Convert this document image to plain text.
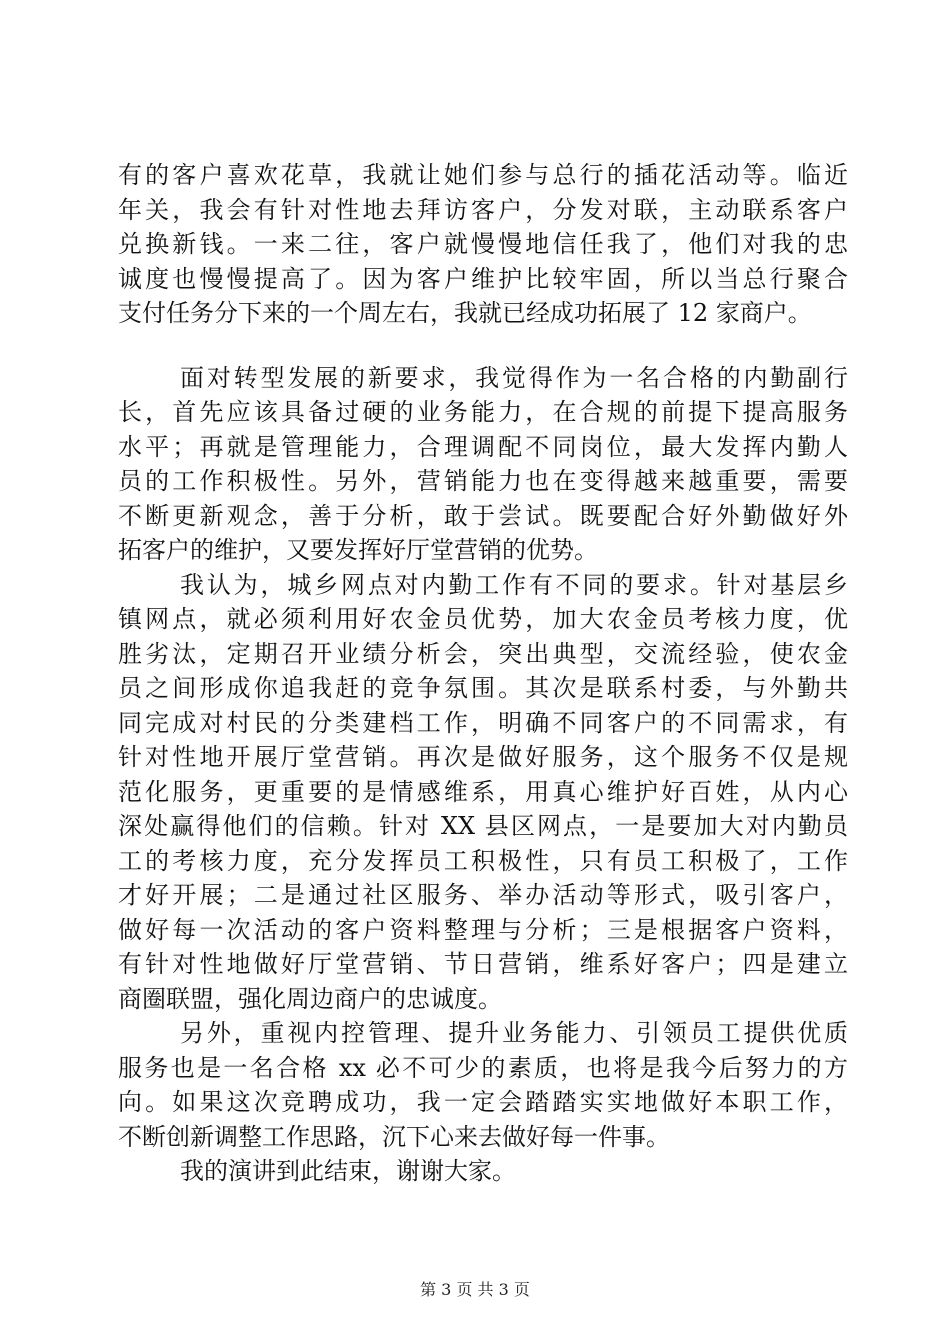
有的客户喜欢花草，我就让她们参与总行的插花活动等。临近
年关，我会有针对性地去拜访客户，分发对联，主动联系客户
兑换新钱。一来二往，客户就慢慢地信任我了，他们对我的忠
诚度也慢慢提高了。因为客户维护比较牢固，所以当总行聚合
支付任务分下来的一个周左右，我就已经成功拓展了 12 家商户。
面对转型发展的新要求，我觉得作为一名合格的内勤副行
长，首先应该具备过硬的业务能力，在合规的前提下提高服务
水平；再就是管理能力，合理调配不同岗位，最大发挥内勤人
员的工作积极性。另外，营销能力也在变得越来越重要，需要
不断更新观念，善于分析，敢于尝试。既要配合好外勤做好外
拓客户的维护，又要发挥好厅堂营销的优势。
我认为，城乡网点对内勤工作有不同的要求。针对基层乡
镇网点，就必须利用好农金员优势，加大农金员考核力度，优
胜劣汰，定期召开业绩分析会，突出典型，交流经验，使农金
员之间形成你追我赶的竞争氛围。其次是联系村委，与外勤共
同完成对村民的分类建档工作，明确不同客户的不同需求，有
针对性地开展厅堂营销。再次是做好服务，这个服务不仅是规
范化服务，更重要的是情感维系，用真心维护好百姓，从内心
深处赢得他们的信赖。针对 XX 县区网点，一是要加大对内勤员
工的考核力度，充分发挥员工积极性，只有员工积极了，工作
才好开展；二是通过社区服务、举办活动等形式，吸引客户，
做好每一次活动的客户资料整理与分析；三是根据客户资料，
有针对性地做好厅堂营销、节日营销，维系好客户；四是建立
商圈联盟，强化周边商户的忠诚度。
另外，重视内控管理、提升业务能力、引领员工提供优质
服务也是一名合格 xx 必不可少的素质，也将是我今后努力的方
向。如果这次竞聘成功，我一定会踏踏实实地做好本职工作，
不断创新调整工作思路，沉下心来去做好每一件事。
我的演讲到此结束，谢谢大家。
第 3 页 共 3 页
